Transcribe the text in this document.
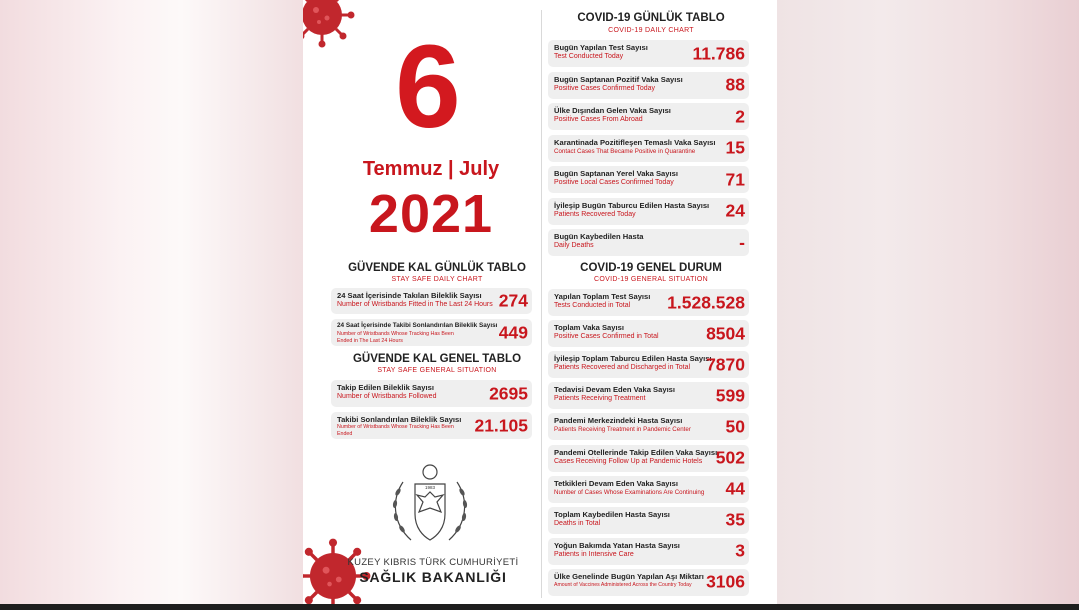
6
Temmuz | July
2021
GÜVENDE KAL GÜNLÜK TABLO
STAY SAFE DAILY CHART
24 Saat İçerisinde Takılan Bileklik Sayısı
Number of Wristbands Fitted in The Last 24 Hours 274
24 Saat İçerisinde Takibi Sonlandırılan Bileklik Sayısı
Number of Wristbands Whose Tracking Has Been Ended in The Last 24 Hours	449
GÜVENDE KAL GENEL TABLO
STAY SAFE GENERAL SITUATION
Takip Edilen Bileklik Sayısı
Number of Wristbands Followed	2695
Takibi Sonlandırılan Bileklik Sayısı
Number of Wristbands Whose Tracking Has Been Ended	21.105
1983
KUZEY KIBRIS TÜRK CUMHURİYETİ
SAĞLIK BAKANLIĞI
COVID-19 GÜNLÜK TABLO
COVID-19 DAILY CHART
Bugün Yapılan Test Sayısı
Test Conducted Today	11.786
Bugün Saptanan Pozitif Vaka Sayısı
Positive Cases Confirmed Today	88
Ülke Dışından Gelen Vaka Sayısı
Positive Cases From Abroad	2
Karantinada Pozitifleşen Temaslı Vaka Sayısı
Contact Cases That Became Positive in Quarantine 15
Bugün Saptanan Yerel Vaka Sayısı
Positive Local Cases Confirmed Today	71
İyileşip Bugün Taburcu Edilen Hasta Sayısı
Patients Recovered Today	24
Bugün Kaybedilen Hasta
Daily Deaths	-
COVID-19 GENEL DURUM
COVID-19 GENERAL SITUATION
Yapılan Toplam Test Sayısı
Tests Conducted in Total 1.528.528
Toplam Vaka Sayısı
Positive Cases Confirmed in Total	8504
İyileşip Toplam Taburcu Edilen Hasta Sayısı
Patients Recovered and Discharged in Total 7870
Tedavisi Devam Eden Vaka Sayısı
Patients Receiving Treatment	599
Pandemi Merkezindeki Hasta Sayısı
Patients Receiving Treatment in Pandemic Center 50
Pandemi Otellerinde Takip Edilen Vaka Sayısı
Cases Receiving Follow Up at Pandemic Hotels 502
Tetkikleri Devam Eden Vaka Sayısı
Number of Cases Whose Examinations Are Continuing 44
Toplam Kaybedilen Hasta Sayısı
Deaths in Total	35
Yoğun Bakımda Yatan Hasta Sayısı
Patients in Intensive Care	3
Ülke Genelinde Bugün Yapılan Aşı Miktarı
Amount of Vaccines Administered Across the Country Today 3106
